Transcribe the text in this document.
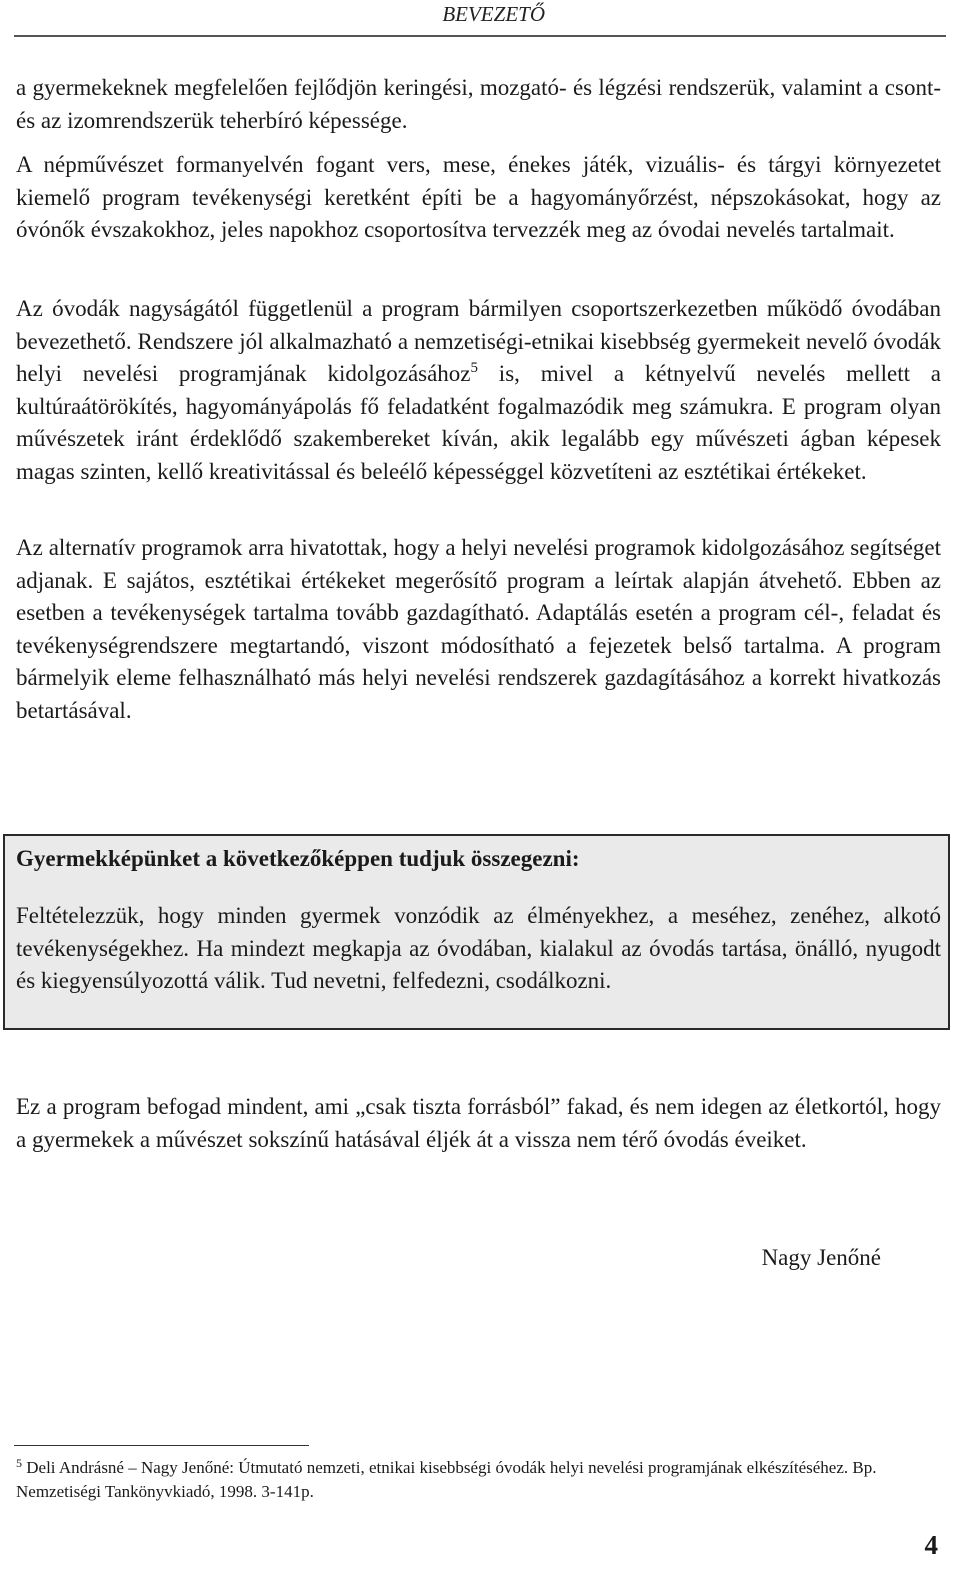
BEVEZETŐ

a gyermekeknek megfelelően fejlődjön keringési, mozgató- és légzési rendszerük, valamint a csont-és az izomrendszerük teherbíró képessége.

A népművészet formanyelvén fogant vers, mese, énekes játék, vizuális- és tárgyi környezetet kiemelő program tevékenységi keretként építi be a hagyományőrzést, népszokásokat, hogy az óvónők évszakokhoz, jeles napokhoz csoportosítva tervezzék meg az óvodai nevelés tartalmait.

Az óvodák nagyságától függetlenül a program bármilyen csoportszerkezetben működő óvodában bevezethető. Rendszere jól alkalmazható a nemzetiségi-etnikai kisebbség gyermekeit nevelő óvodák helyi nevelési programjának kidolgozásához$^5$ is, mivel a kétnyelvű nevelés mellett a kultúraátörökítés, hagyományápolás fő feladatként fogalmazódik meg számukra. E program olyan művészetek iránt érdeklődő szakembereket kíván, akik legalább egy művészeti ágban képesek magas szinten, kellő kreativitással és beleélő képességgel közvetíteni az esztétikai értékeket.

Az alternatív programok arra hivatottak, hogy a helyi nevelési programok kidolgozásához segítséget adjanak. E sajátos, esztétikai értékeket megerősítő program a leírtak alapján átvehető. Ebben az esetben a tevékenységek tartalma tovább gazdagítható. Adaptálás esetén a program cél-, feladat és tevékenységrendszere megtartandó, viszont módosítható a fejezetek belső tartalma. A program bármelyik eleme felhasználható más helyi nevelési rendszerek gazdagításához a korrekt hivatkozás betartásával.

Gyermekképünket a következőképpen tudjuk összegezni:

Feltételezzük, hogy minden gyermek vonzódik az élményekhez, a meséhez, zenéhez, alkotó tevékenységekhez. Ha mindezt megkapja az óvodában, kialakul az óvodás tartása, önálló, nyugodt és kiegyensúlyozottá válik. Tud nevetni, felfedezni, csodálkozni.

Ez a program befogad mindent, ami „csak tiszta forrásból” fakad, és nem idegen az életkortól, hogy a gyermekek a művészet sokszínű hatásával éljék át a vissza nem térő óvodás éveiket.

Nagy Jenőné

$^5$ Deli Andrásné – Nagy Jenőné: Útmutató nemzeti, etnikai kisebbségi óvodák helyi nevelési programjának elkészítéséhez. Bp. Nemzetiségi Tankönyvkiadó, 1998. 3-141p.

4
